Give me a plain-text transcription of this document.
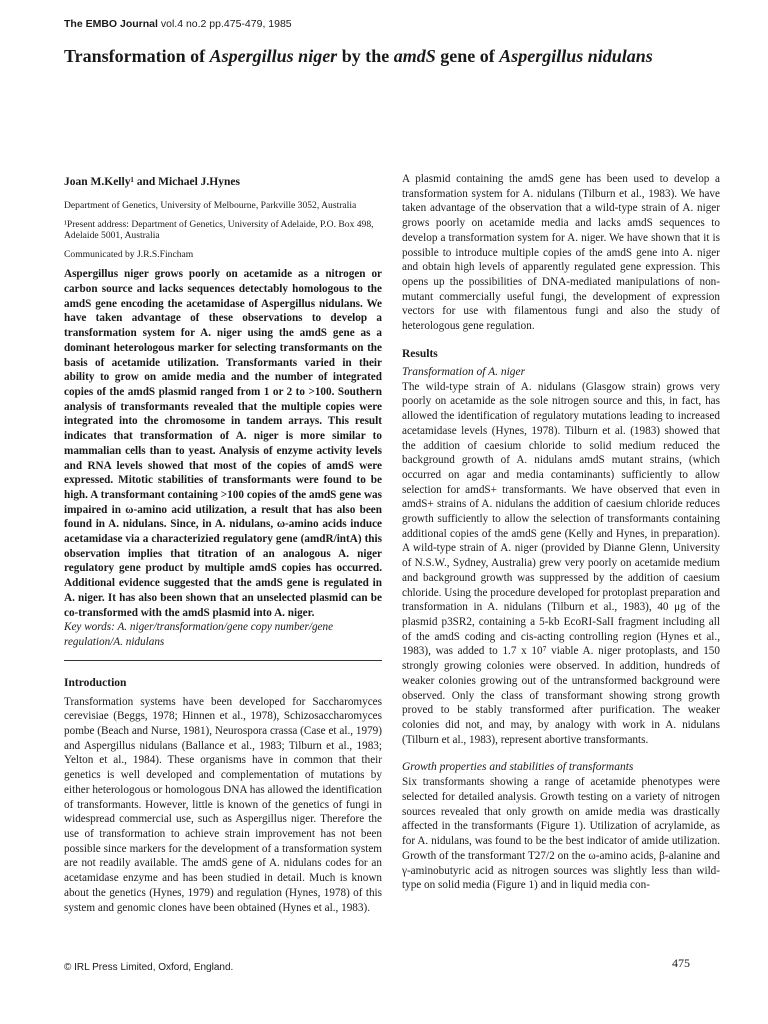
The EMBO Journal vol.4 no.2 pp.475-479, 1985
Transformation of Aspergillus niger by the amdS gene of Aspergillus nidulans

Joan M.Kelly¹ and Michael J.Hynes

Department of Genetics, University of Melbourne, Parkville 3052, Australia

¹Present address: Department of Genetics, University of Adelaide, P.O. Box 498, Adelaide 5001, Australia

Communicated by J.R.S.Fincham

Aspergillus niger grows poorly on acetamide as a nitrogen or carbon source and lacks sequences detectably homologous to the amdS gene encoding the acetamidase of Aspergillus nidulans. We have taken advantage of these observations to develop a transformation system for A. niger using the amdS gene as a dominant heterologous marker for selecting transformants on the basis of acetamide utilization. Transformants varied in their ability to grow on amide media and the number of integrated copies of the amdS plasmid ranged from 1 or 2 to >100. Southern analysis of transformants revealed that the multiple copies were integrated into the chromosome in tandem arrays. This result indicates that transformation of A. niger is more similar to mammalian cells than to yeast. Analysis of enzyme activity levels and RNA levels showed that most of the copies of amdS were expressed. Mitotic stabilities of transformants were found to be high. A transformant containing >100 copies of the amdS gene was impaired in ω-amino acid utilization, a result that has also been found in A. nidulans. Since, in A. nidulans, ω-amino acids induce acetamidase via a characterizied regulatory gene (amdR/intA) this observation implies that titration of an analogous A. niger regulatory gene product by multiple amdS copies has occurred. Additional evidence suggested that the amdS gene is regulated in A. niger. It has also been shown that an unselected plasmid can be co-transformed with the amdS plasmid into A. niger.

Key words: A. niger/transformation/gene copy number/gene regulation/A. nidulans

Introduction

Transformation systems have been developed for Saccharomyces cerevisiae (Beggs, 1978; Hinnen et al., 1978), Schizosaccharomyces pombe (Beach and Nurse, 1981), Neurospora crassa (Case et al., 1979) and Aspergillus nidulans (Ballance et al., 1983; Tilburn et al., 1983; Yelton et al., 1984). These organisms have in common that their genetics is well developed and complementation of mutations by either heterologous or homologous DNA has allowed the identification of transformants. However, little is known of the genetics of fungi in widespread commercial use, such as Aspergillus niger. Therefore the use of transformation to achieve strain improvement has not been possible since markers for the development of a transformation system are not readily available. The amdS gene of A. nidulans codes for an acetamidase enzyme and has been studied in detail. Much is known about the genetics (Hynes, 1979) and regulation (Hynes, 1978) of this system and genomic clones have been obtained (Hynes et al., 1983).

A plasmid containing the amdS gene has been used to develop a transformation system for A. nidulans (Tilburn et al., 1983). We have taken advantage of the observation that a wild-type strain of A. niger grows poorly on acetamide media and lacks amdS sequences to develop a transformation system for A. niger. We have shown that it is possible to introduce multiple copies of the amdS gene into A. niger and obtain high levels of apparently regulated gene expression. This opens up the possibilities of DNA-mediated manipulations of non-mutant commercially useful fungi, the development of expression vectors for use with filamentous fungi and also the study of heterologous gene regulation.

Results

Transformation of A. niger

The wild-type strain of A. nidulans (Glasgow strain) grows very poorly on acetamide as the sole nitrogen source and this, in fact, has allowed the identification of regulatory mutations leading to increased acetamidase levels (Hynes, 1978). Tilburn et al. (1983) showed that the addition of caesium chloride to solid medium reduced the background growth of A. nidulans amdS mutant strains, (which occurred on agar and media contaminants) sufficiently to allow selection for amdS+ transformants. We have observed that even in amdS+ strains of A. nidulans the addition of caesium chloride reduces growth sufficiently to allow the selection of transformants containing additional copies of the amdS gene (Kelly and Hynes, in preparation). A wild-type strain of A. niger (provided by Dianne Glenn, University of N.S.W., Sydney, Australia) grew very poorly on acetamide medium and background growth was suppressed by the addition of caesium chloride. Using the procedure developed for protoplast preparation and transformation in A. nidulans (Tilburn et al., 1983), 40 μg of the plasmid p3SR2, containing a 5-kb EcoRI-SalI fragment including all of the amdS coding and cis-acting controlling region (Hynes et al., 1983), was added to 1.7 x 10⁷ viable A. niger protoplasts, and 150 strongly growing colonies were observed. In addition, hundreds of weaker colonies growing out of the untransformed background were observed. Only the class of transformant showing strong growth proved to be stably transformed after purification. The weaker colonies did not, and may, by analogy with work in A. nidulans (Tilburn et al., 1983), represent abortive transformants.

Growth properties and stabilities of transformants

Six transformants showing a range of acetamide phenotypes were selected for detailed analysis. Growth testing on a variety of nitrogen sources revealed that only growth on amide media was drastically affected in the transformants (Figure 1). Utilization of acrylamide, as for A. nidulans, was found to be the best indicator of amide utilization. Growth of the transformant T27/2 on the ω-amino acids, β-alanine and γ-aminobutyric acid as nitrogen sources was slightly less than wild-type on solid media (Figure 1) and in liquid media con-

© IRL Press Limited, Oxford, England.	475
